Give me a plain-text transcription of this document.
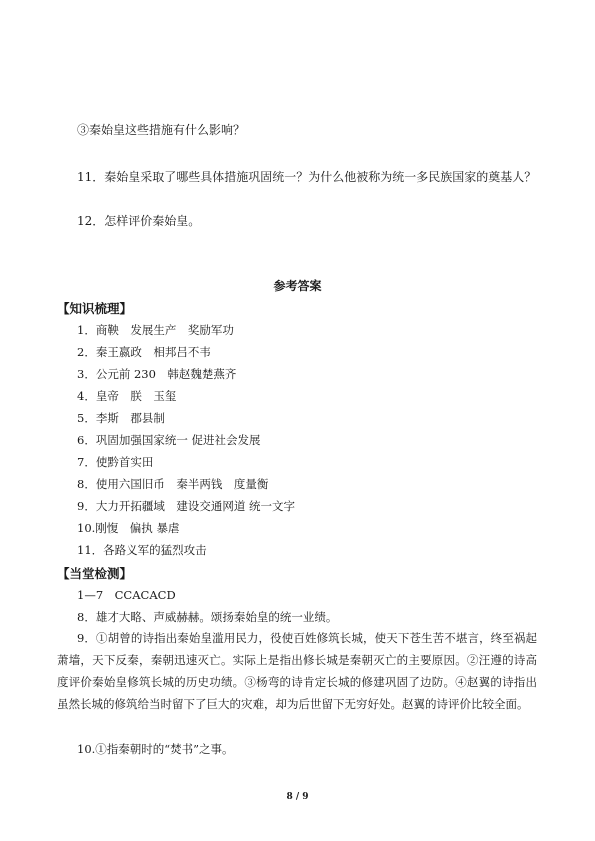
③秦始皇这些措施有什么影响？
11．秦始皇采取了哪些具体措施巩固统一？为什么他被称为统一多民族国家的奠基人？
12．怎样评价秦始皇。
参考答案
【知识梳理】
1．商鞅　发展生产　奖励军功
2．秦王嬴政　相邦吕不韦
3．公元前 230　韩赵魏楚燕齐
4．皇帝　朕　玉玺
5．李斯　郡县制
6．巩固加强国家统一 促进社会发展
7．使黔首实田
8．使用六国旧币　秦半两钱　度量衡
9．大力开拓疆域　建设交通网道 统一文字
10.刚愎　偏执 暴虐
11．各路义军的猛烈攻击
【当堂检测】
1—7　CCACACD
8．雄才大略、声威赫赫。颂扬秦始皇的统一业绩。
9．①胡曾的诗指出秦始皇滥用民力，役使百姓修筑长城，使天下苍生苦不堪言，终至祸起萧墙，天下反秦，秦朝迅速灭亡。实际上是指出修长城是秦朝灭亡的主要原因。②汪遵的诗高度评价秦始皇修筑长城的历史功绩。③杨弯的诗肯定长城的修建巩固了边防。④赵翼的诗指出虽然长城的修筑给当时留下了巨大的灾难，却为后世留下无穷好处。赵翼的诗评价比较全面。
10.①指秦朝时的“焚书”之事。
8 / 9
